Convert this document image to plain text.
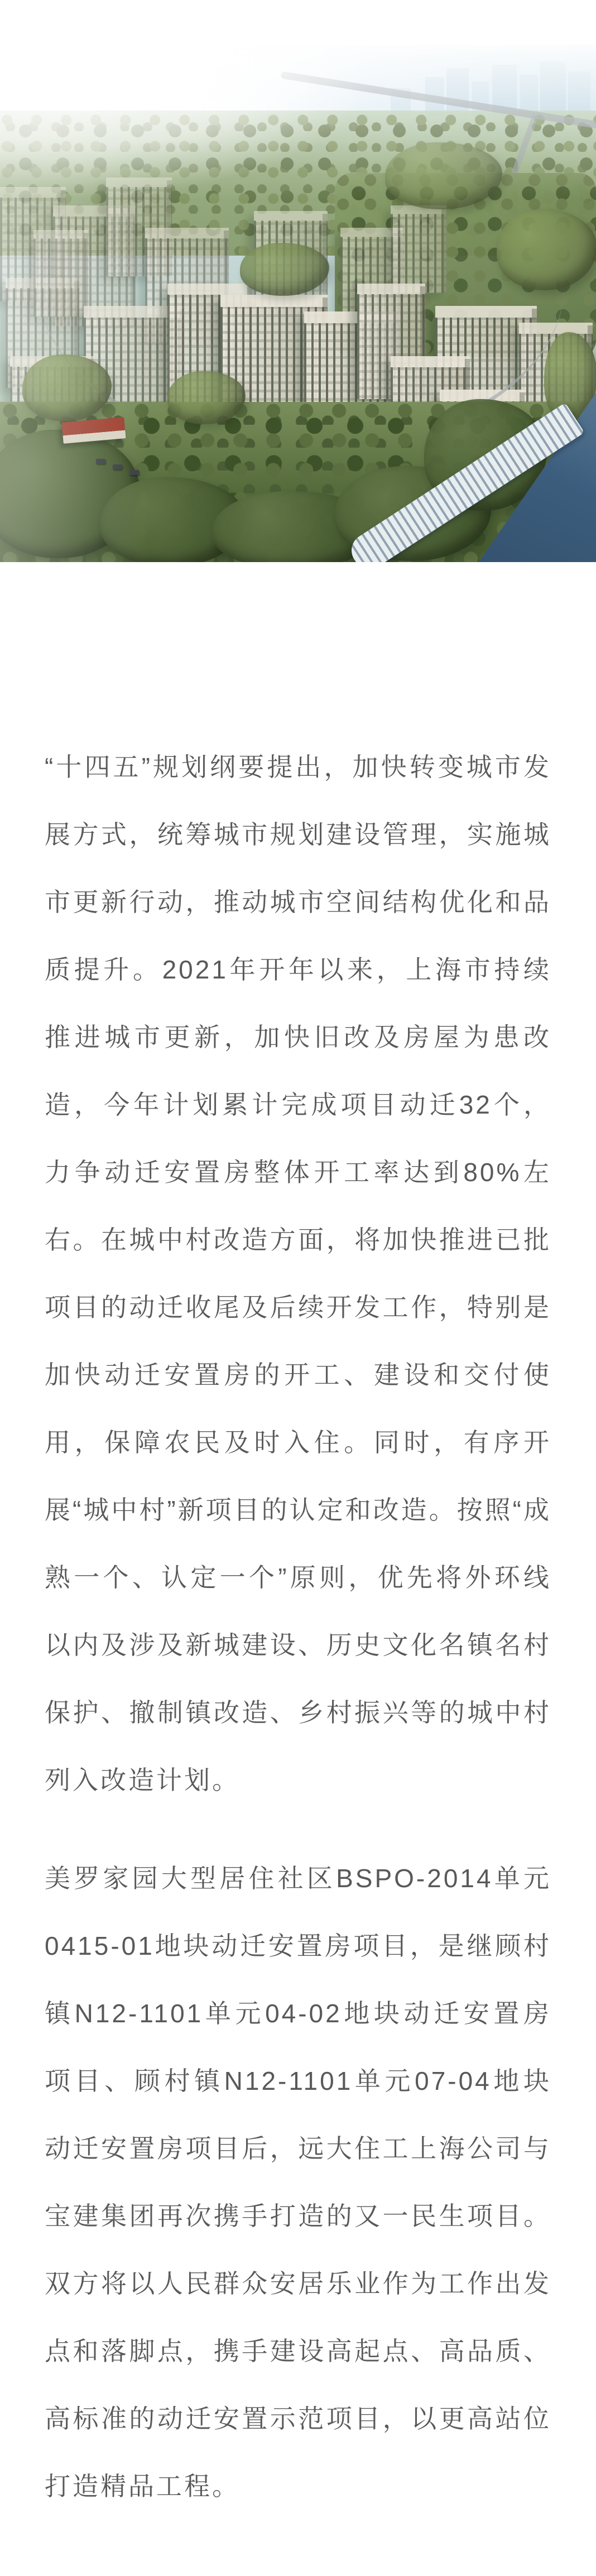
“十四五”规划纲要提出，加快转变城市发展方式，统筹城市规划建设管理，实施城市更新行动，推动城市空间结构优化和品质提升。2021年开年以来，上海市持续推进城市更新，加快旧改及房屋为患改造，今年计划累计完成项目动迁32个，力争动迁安置房整体开工率达到80%左右。在城中村改造方面，将加快推进已批项目的动迁收尾及后续开发工作，特别是加快动迁安置房的开工、建设和交付使用，保障农民及时入住。同时，有序开展“城中村”新项目的认定和改造。按照“成熟一个、认定一个”原则，优先将外环线以内及涉及新城建设、历史文化名镇名村保护、撤制镇改造、乡村振兴等的城中村列入改造计划。

美罗家园大型居住社区BSPO-2014单元0415-01地块动迁安置房项目，是继顾村镇N12-1101单元04-02地块动迁安置房项目、顾村镇N12-1101单元07-04地块动迁安置房项目后，远大住工上海公司与宝建集团再次携手打造的又一民生项目。双方将以人民群众安居乐业作为工作出发点和落脚点，携手建设高起点、高品质、高标准的动迁安置示范项目，以更高站位打造精品工程。
